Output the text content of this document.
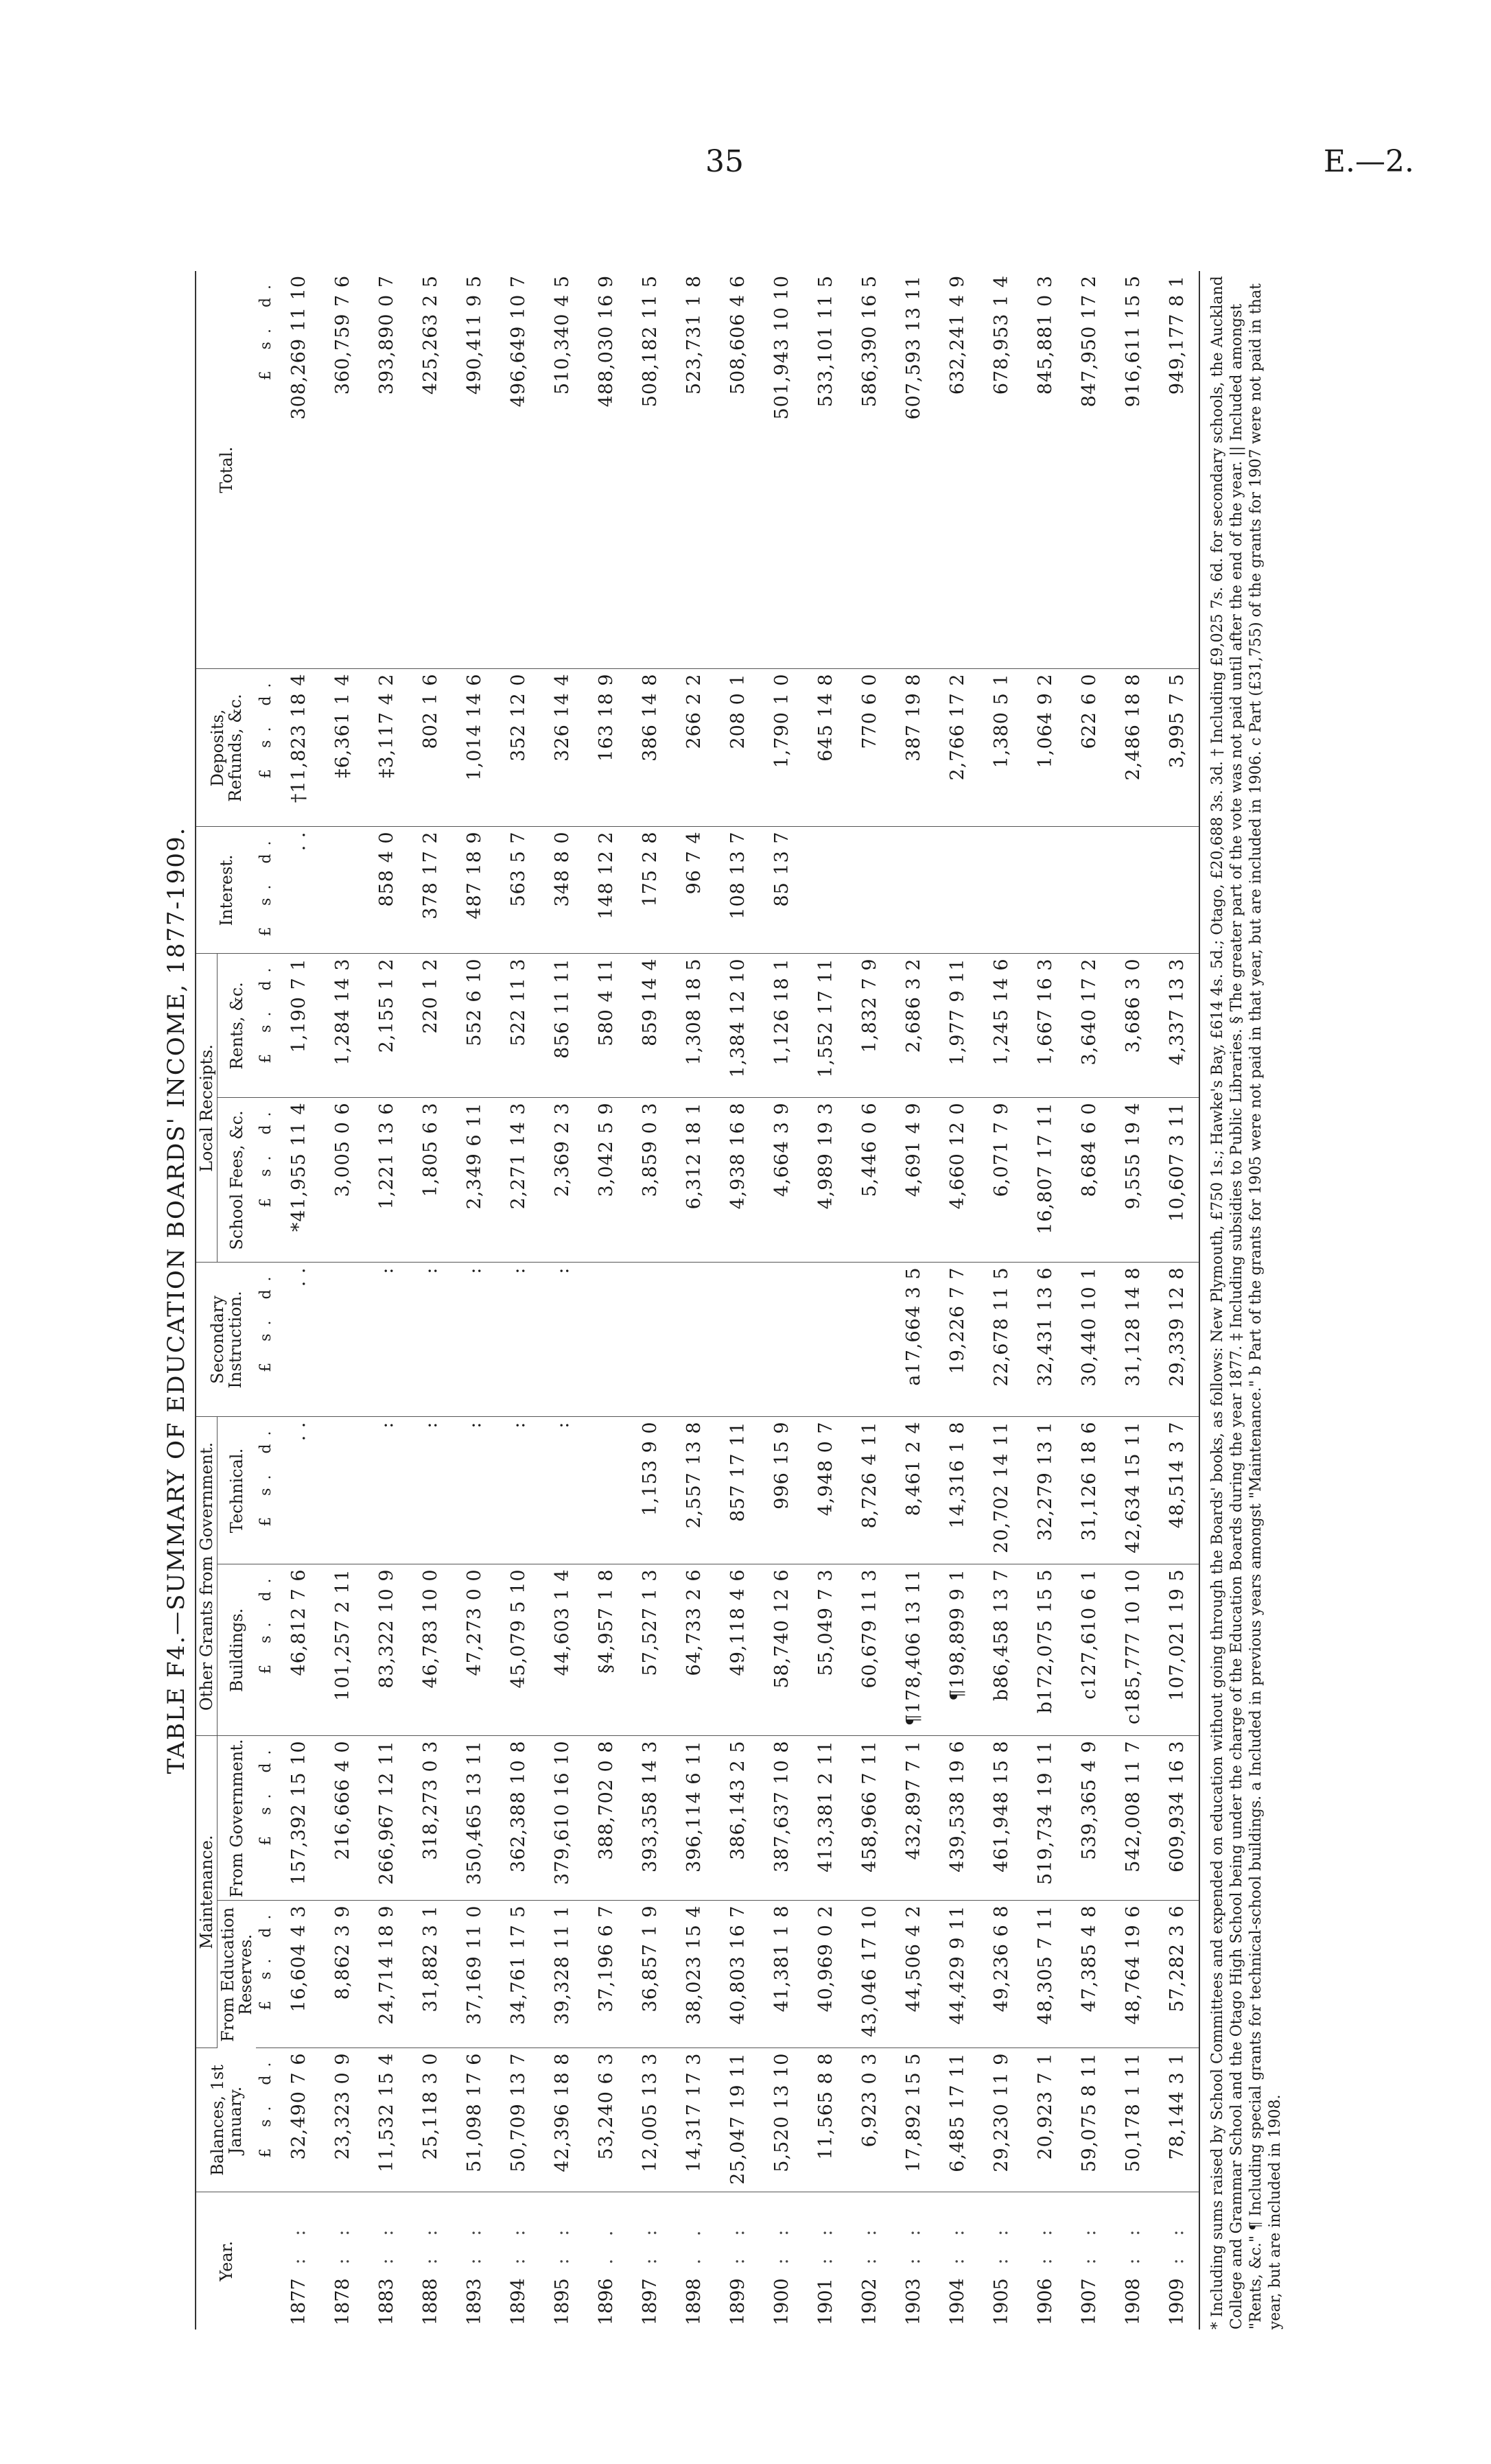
35	E.—2.
TABLE F4.—SUMMARY OF EDUCATION BOARDS' INCOME, 1877-1909.
Year.	Balances, 1st January.	Maintenance.		Other Grants from Government.		Secondary Instruction.	Local Receipts.		Interest.	Deposits, Refunds, &c.	Total.
		From Education Reserves.	From Government.	Buildings.	Technical.		School Fees, &c.	Rents, &c.			

	£ s. d.	£ s. d.	£ s. d.	£ s. d.	£ s. d.	£ s. d.	£ s. d.	£ s. d.	£ s. d.	£ s. d.	£ s. d.
1877: :	32,490 7 6	16,604 4 3	157,392 15 10	46,812 7 6	. .	. .	*41,955 11 4	1,190 7 1	. .	†11,823 18 4	308,269 11 10
1878: :	23,323 0 9	8,862 3 9	216,666 4 0	101,257 2 11			3,005 0 6	1,284 14 3		‡6,361 1 4	360,759 7 6
1883: :	11,532 15 4	24,714 18 9	266,967 12 11	83,322 10 9	:	:	1,221 13 6	2,155 1 2	858 4 0	‡3,117 4 2	393,890 0 7
1888: :	25,118 3 0	31,882 3 1	318,273 0 3	46,783 10 0	:	:	1,805 6 3	220 1 2	378 17 2	802 1 6	425,263 2 5
1893: :	51,098 17 6	37,169 11 0	350,465 13 11	47,273 0 0	:	:	2,349 6 11	552 6 10	487 18 9	1,014 14 6	490,411 9 5
1894: :	50,709 13 7	34,761 17 5	362,388 10 8	45,079 5 10	:	:	2,271 14 3	522 11 3	563 5 7	352 12 0	496,649 10 7
1895: :	42,396 18 8	39,328 11 1	379,610 16 10	44,603 1 4	:	:	2,369 2 3	856 11 11	348 8 0	326 14 4	510,340 4 5
1896. .	53,240 6 3	37,196 6 7	388,702 0 8	§4,957 1 8			3,042 5 9	580 4 11	148 12 2	163 18 9	488,030 16 9
1897: :	12,005 13 3	36,857 1 9	393,358 14 3	57,527 1 3	1,153 9 0		3,859 0 3	859 14 4	175 2 8	386 14 8	508,182 11 5
1898. .	14,317 17 3	38,023 15 4	396,114 6 11	64,733 2 6	2,557 13 8		6,312 18 1	1,308 18 5	96 7 4	266 2 2	523,731 1 8
1899: :	25,047 19 11	40,803 16 7	386,143 2 5	49,118 4 6	857 17 11		4,938 16 8	1,384 12 10	108 13 7	208 0 1	508,606 4 6
1900: :	5,520 13 10	41,381 1 8	387,637 10 8	58,740 12 6	996 15 9		4,664 3 9	1,126 18 1	85 13 7	1,790 1 0	501,943 10 10
1901: :	11,565 8 8	40,969 0 2	413,381 2 11	55,049 7 3	4,948 0 7		4,989 19 3	1,552 17 11		645 14 8	533,101 11 5
1902: :	6,923 0 3	43,046 17 10	458,966 7 11	60,679 11 3	8,726 4 11		5,446 0 6	1,832 7 9		770 6 0	586,390 16 5
1903: :	17,892 15 5	44,506 4 2	432,897 7 1	¶178,406 13 11	8,461 2 4	a17,664 3 5	4,691 4 9	2,686 3 2		387 19 8	607,593 13 11
1904: :	6,485 17 11	44,429 9 11	439,538 19 6	¶198,899 9 1	14,316 1 8	19,226 7 7	4,660 12 0	1,977 9 11		2,766 17 2	632,241 4 9
1905: :	29,230 11 9	49,236 6 8	461,948 15 8	b86,458 13 7	20,702 14 11	22,678 11 5	6,071 7 9	1,245 14 6		1,380 5 1	678,953 1 4
1906: :	20,923 7 1	48,305 7 11	519,734 19 11	b172,075 15 5	32,279 13 1	32,431 13 6	16,807 17 11	1,667 16 3		1,064 9 2	845,881 0 3
1907: :	59,075 8 11	47,385 4 8	539,365 4 9	c127,610 6 1	31,126 18 6	30,440 10 1	8,684 6 0	3,640 17 2		622 6 0	847,950 17 2
1908: :	50,178 1 11	48,764 19 6	542,008 11 7	c185,777 10 10	42,634 15 11	31,128 14 8	9,555 19 4	3,686 3 0		2,486 18 8	916,611 15 5
1909: :	78,144 3 1	57,282 3 6	609,934 16 3	107,021 19 5	48,514 3 7	29,339 12 8	10,607 3 11	4,337 13 3		3,995 7 5	949,177 8 1 * Including sums raised by School Committees and expended on education without going through the Boards' books, as follows: New Plymouth, £750 1s.; Hawke's Bay, £614 4s. 5d.; Otago, £20,688 3s. 3d. † Including £9,025 7s. 6d. for secondary schools, the Auckland College and Grammar School and the Otago High School being under the charge of the Education Boards during the year 1877. ‡ Including subsidies to Public Libraries. § The greater part of the vote was not paid until after the end of the year. || Included amongst "Rents, &c." ¶ Including special grants for technical-school buildings. a Included in previous years amongst "Maintenance." b Part of the grants for 1905 were not paid in that year, but are included in 1906. c Part (£31,755) of the grants for 1907 were not paid in that year, but are included in 1908.
